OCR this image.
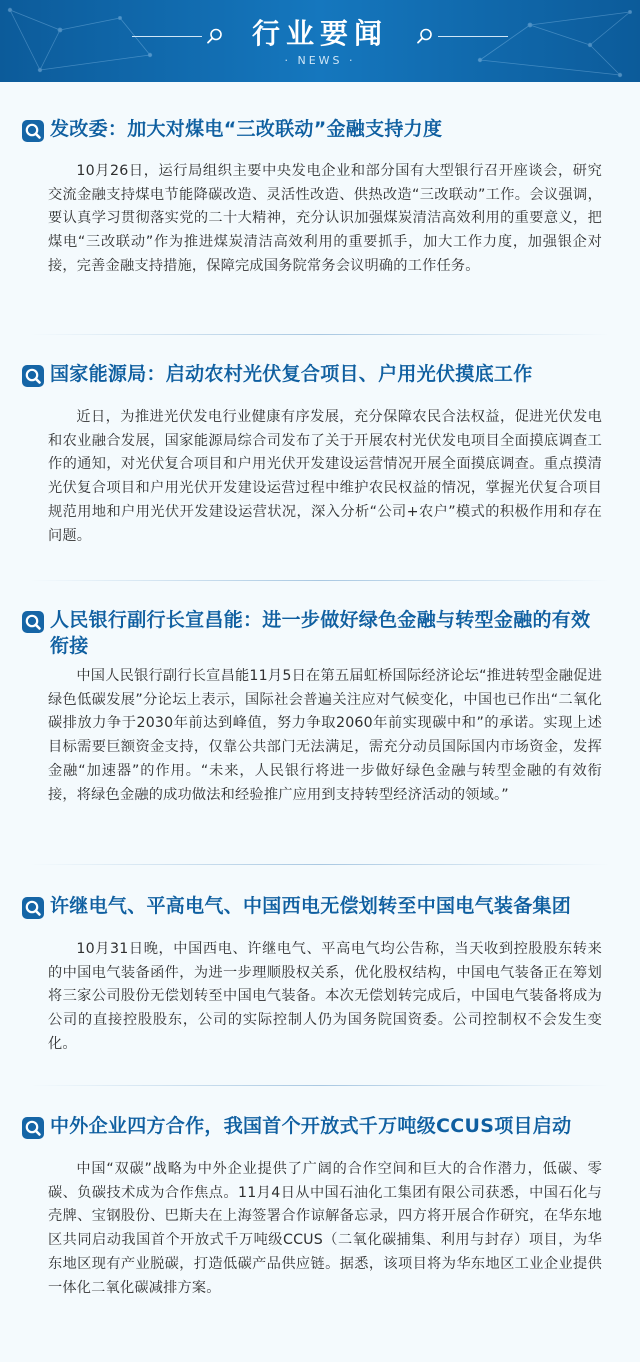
行业要闻
· NEWS ·
发改委：加大对煤电“三改联动”金融支持力度
10月26日，运行局组织主要中央发电企业和部分国有大型银行召开座谈会，研究交流金融支持煤电节能降碳改造、灵活性改造、供热改造“三改联动”工作。会议强调，要认真学习贯彻落实党的二十大精神，充分认识加强煤炭清洁高效利用的重要意义，把煤电“三改联动”作为推进煤炭清洁高效利用的重要抓手，加大工作力度，加强银企对接，完善金融支持措施，保障完成国务院常务会议明确的工作任务。
国家能源局：启动农村光伏复合项目、户用光伏摸底工作
近日，为推进光伏发电行业健康有序发展，充分保障农民合法权益，促进光伏发电和农业融合发展，国家能源局综合司发布了关于开展农村光伏发电项目全面摸底调查工作的通知，对光伏复合项目和户用光伏开发建设运营情况开展全面摸底调查。重点摸清光伏复合项目和户用光伏开发建设运营过程中维护农民权益的情况，掌握光伏复合项目规范用地和户用光伏开发建设运营状况，深入分析“公司+农户”模式的积极作用和存在问题。
人民银行副行长宣昌能：进一步做好绿色金融与转型金融的有效衔接
中国人民银行副行长宣昌能11月5日在第五届虹桥国际经济论坛“推进转型金融促进绿色低碳发展”分论坛上表示，国际社会普遍关注应对气候变化，中国也已作出“二氧化碳排放力争于2030年前达到峰值，努力争取2060年前实现碳中和”的承诺。实现上述目标需要巨额资金支持，仅靠公共部门无法满足，需充分动员国际国内市场资金，发挥金融“加速器”的作用。“未来，人民银行将进一步做好绿色金融与转型金融的有效衔接，将绿色金融的成功做法和经验推广应用到支持转型经济活动的领域。”
许继电气、平高电气、中国西电无偿划转至中国电气装备集团
10月31日晚，中国西电、许继电气、平高电气均公告称，当天收到控股股东转来的中国电气装备函件，为进一步理顺股权关系，优化股权结构，中国电气装备正在筹划将三家公司股份无偿划转至中国电气装备。本次无偿划转完成后，中国电气装备将成为公司的直接控股股东，公司的实际控制人仍为国务院国资委。公司控制权不会发生变化。
中外企业四方合作，我国首个开放式千万吨级CCUS项目启动
中国“双碳”战略为中外企业提供了广阔的合作空间和巨大的合作潜力，低碳、零碳、负碳技术成为合作焦点。11月4日从中国石油化工集团有限公司获悉，中国石化与壳牌、宝钢股份、巴斯夫在上海签署合作谅解备忘录，四方将开展合作研究，在华东地区共同启动我国首个开放式千万吨级CCUS（二氧化碳捕集、利用与封存）项目，为华东地区现有产业脱碳，打造低碳产品供应链。据悉，该项目将为华东地区工业企业提供一体化二氧化碳减排方案。
